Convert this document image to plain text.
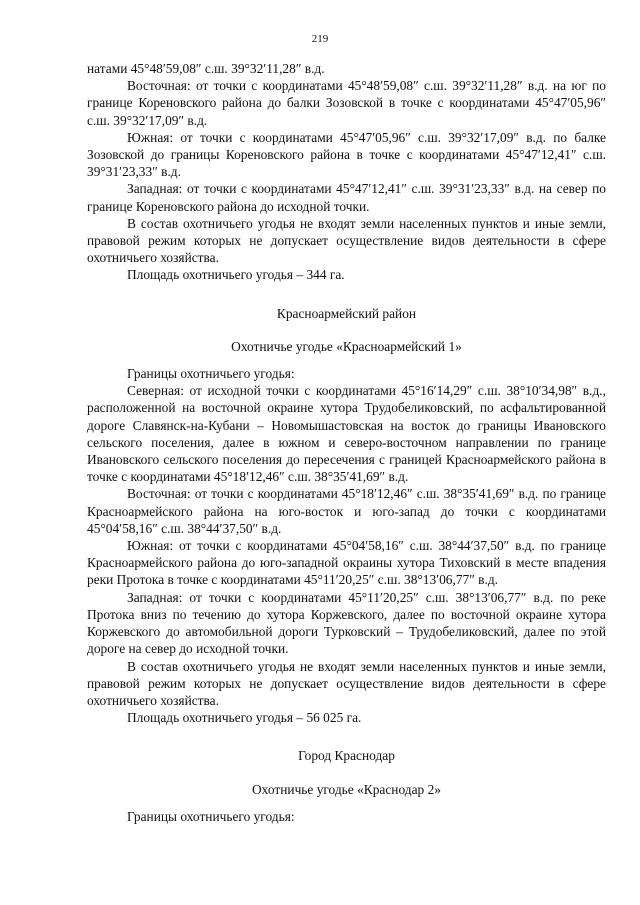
219

натами 45°48′59,08″ с.ш. 39°32′11,28″ в.д.

Восточная: от точки с координатами 45°48′59,08″ с.ш. 39°32′11,28″ в.д. на юг по границе Кореновского района до балки Зозовской в точке с координатами 45°47′05,96″ с.ш. 39°32′17,09″ в.д.

Южная: от точки с координатами 45°47′05,96″ с.ш. 39°32′17,09″ в.д. по балке Зозовской до границы Кореновского района в точке с координатами 45°47′12,41″ с.ш. 39°31′23,33″ в.д.

Западная: от точки с координатами 45°47′12,41″ с.ш. 39°31′23,33″ в.д. на север по границе Кореновского района до исходной точки.

В состав охотничьего угодья не входят земли населенных пунктов и иные земли, правовой режим которых не допускает осуществление видов деятельности в сфере охотничьего хозяйства.

Площадь охотничьего угодья – 344 га.

Красноармейский район

Охотничье угодье «Красноармейский 1»

Границы охотничьего угодья:

Северная: от исходной точки с координатами 45°16′14,29″ с.ш. 38°10′34,98″ в.д., расположенной на восточной окраине хутора Трудобеликовский, по асфальтированной дороге Славянск-на-Кубани – Новомышастовская на восток до границы Ивановского сельского поселения, далее в южном и северо-восточном направлении по границе Ивановского сельского поселения до пересечения с границей Красноармейского района в точке с координатами 45°18′12,46″ с.ш. 38°35′41,69″ в.д.

Восточная: от точки с координатами 45°18′12,46″ с.ш. 38°35′41,69″ в.д. по границе Красноармейского района на юго-восток и юго-запад до точки с координатами 45°04′58,16″ с.ш. 38°44′37,50″ в.д.

Южная: от точки с координатами 45°04′58,16″ с.ш. 38°44′37,50″ в.д. по границе Красноармейского района до юго-западной окраины хутора Тиховский в месте впадения реки Протока в точке с координатами 45°11′20,25″ с.ш. 38°13′06,77″ в.д.

Западная: от точки с координатами 45°11′20,25″ с.ш. 38°13′06,77″ в.д. по реке Протока вниз по течению до хутора Коржевского, далее по восточной окраине хутора Коржевского до автомобильной дороги Турковский – Трудобеликовский, далее по этой дороге на север до исходной точки.

В состав охотничьего угодья не входят земли населенных пунктов и иные земли, правовой режим которых не допускает осуществление видов деятельности в сфере охотничьего хозяйства.

Площадь охотничьего угодья – 56 025 га.

Город Краснодар

Охотничье угодье «Краснодар 2»

Границы охотничьего угодья:
